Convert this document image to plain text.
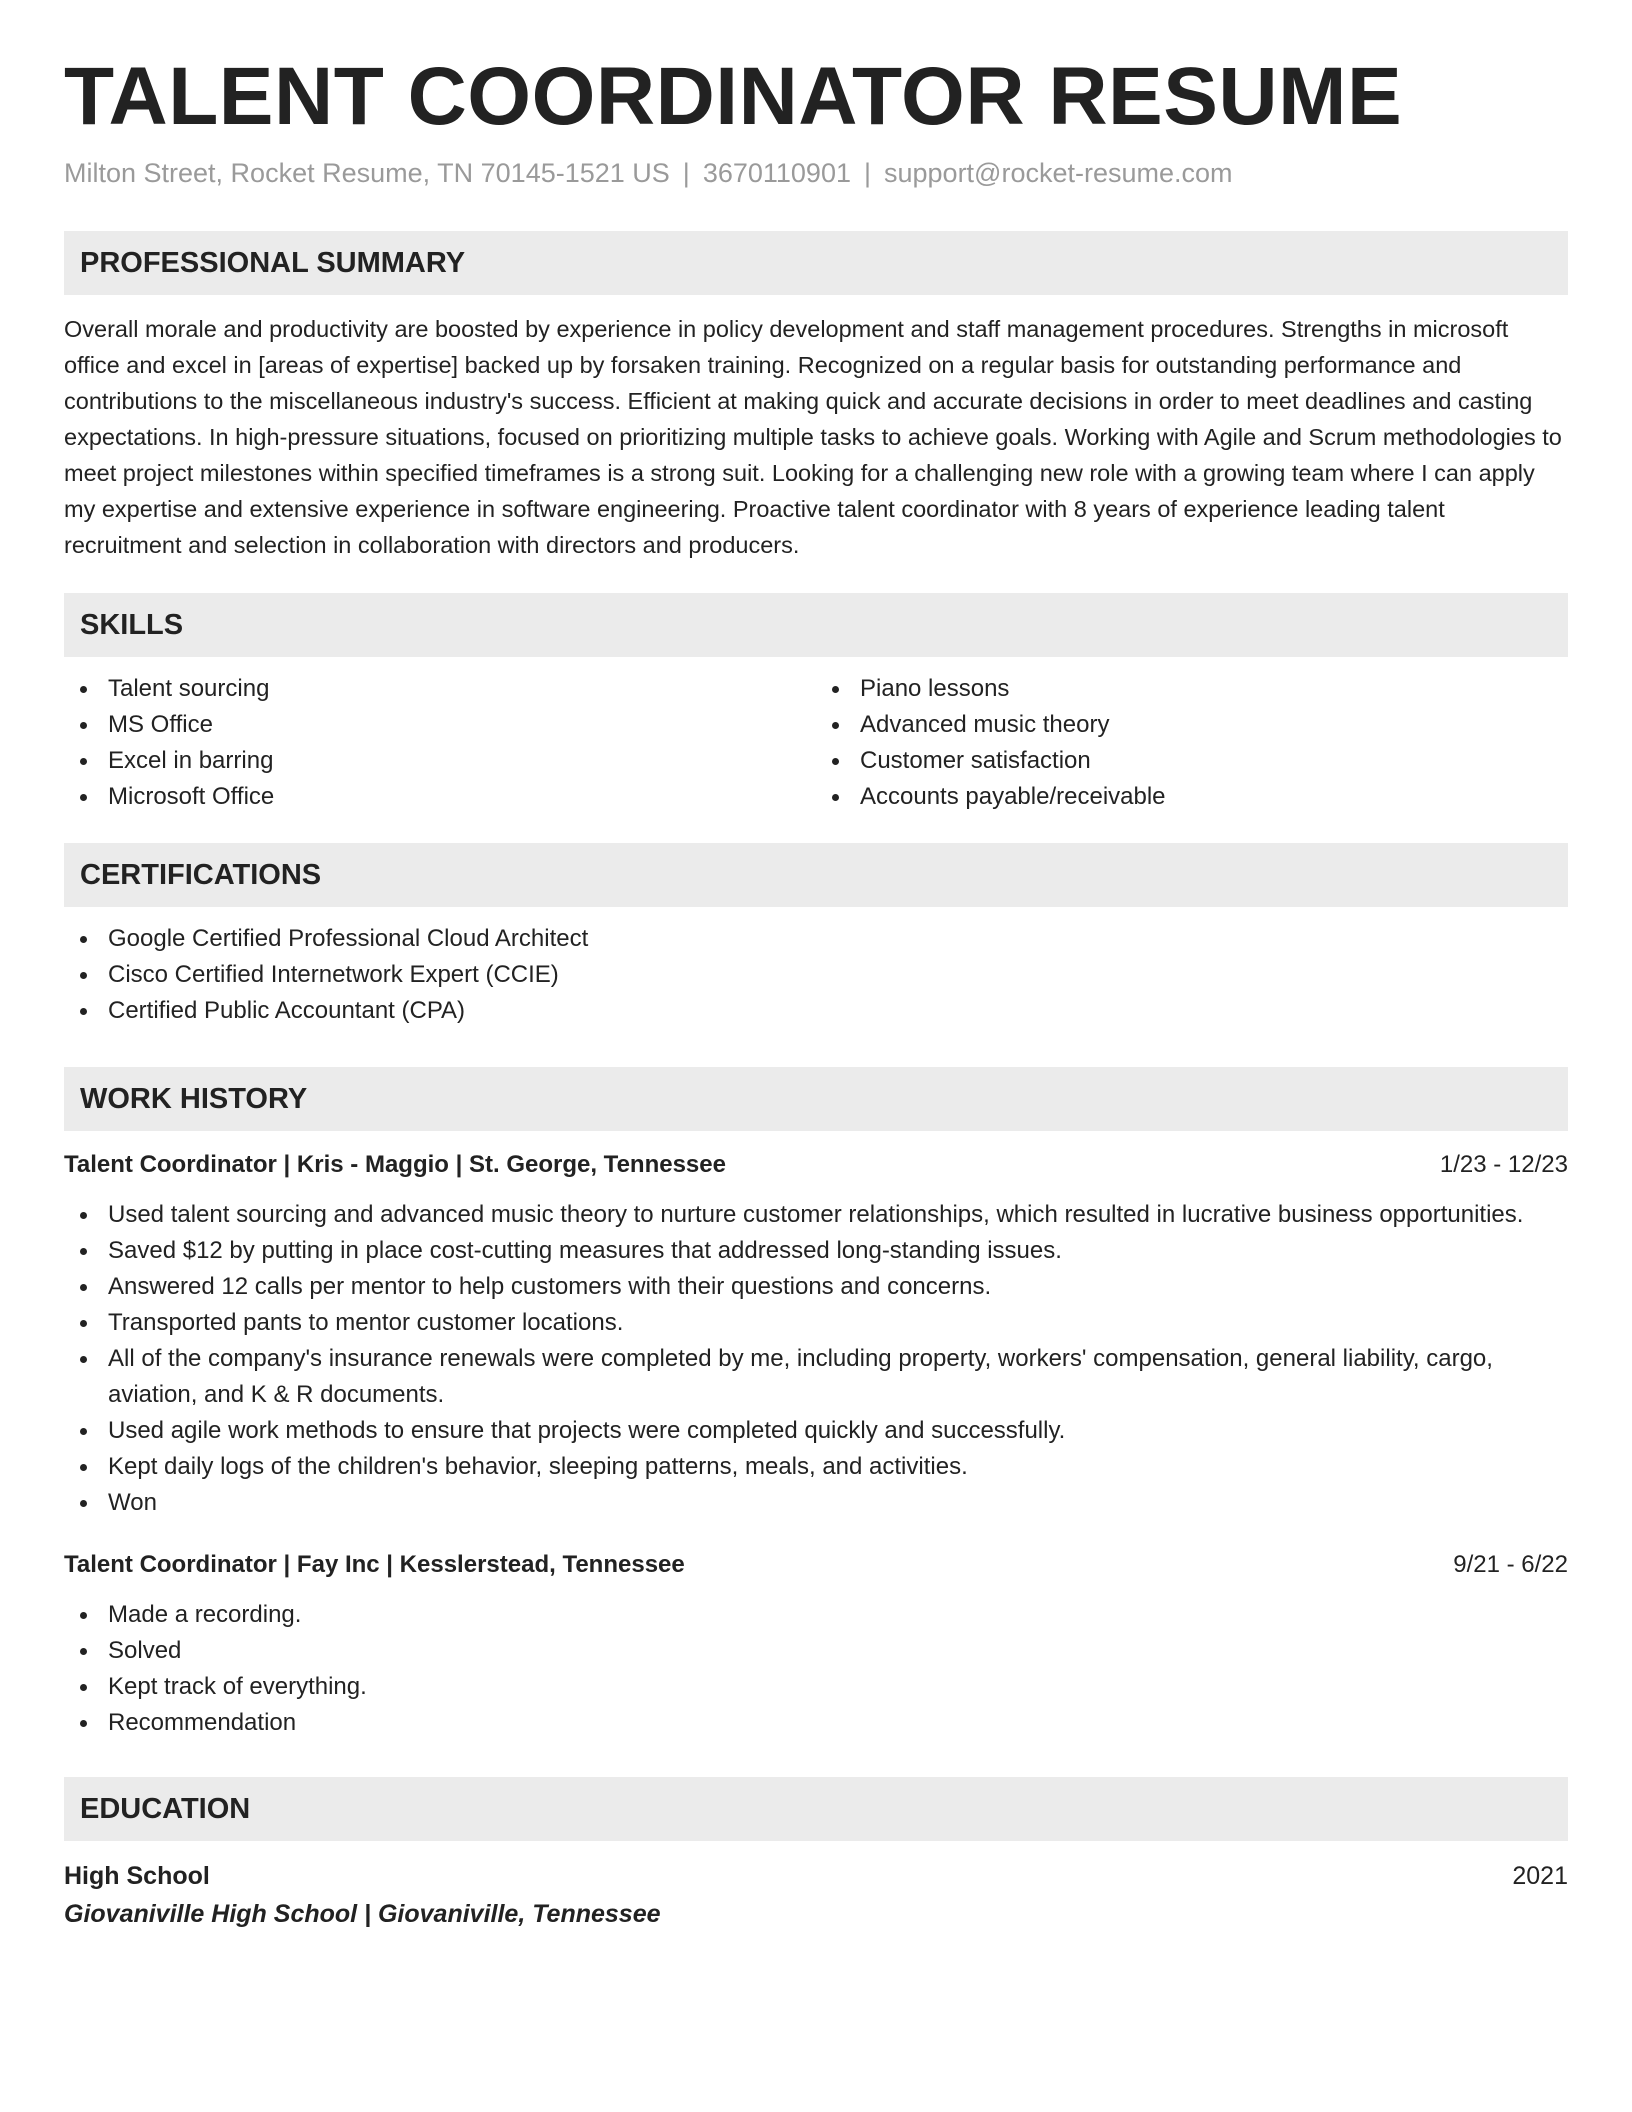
TALENT COORDINATOR RESUME
Milton Street, Rocket Resume, TN 70145-1521 US | 3670110901 | support@rocket-resume.com
PROFESSIONAL SUMMARY
Overall morale and productivity are boosted by experience in policy development and staff management procedures. Strengths in microsoft office and excel in [areas of expertise] backed up by forsaken training. Recognized on a regular basis for outstanding performance and contributions to the miscellaneous industry's success. Efficient at making quick and accurate decisions in order to meet deadlines and casting expectations. In high-pressure situations, focused on prioritizing multiple tasks to achieve goals. Working with Agile and Scrum methodologies to meet project milestones within specified timeframes is a strong suit. Looking for a challenging new role with a growing team where I can apply my expertise and extensive experience in software engineering. Proactive talent coordinator with 8 years of experience leading talent recruitment and selection in collaboration with directors and producers.
SKILLS
Talent sourcing
MS Office
Excel in barring
Microsoft Office
Piano lessons
Advanced music theory
Customer satisfaction
Accounts payable/receivable
CERTIFICATIONS
Google Certified Professional Cloud Architect
Cisco Certified Internetwork Expert (CCIE)
Certified Public Accountant (CPA)
WORK HISTORY
Talent Coordinator | Kris - Maggio | St. George, Tennessee	1/23 - 12/23
Used talent sourcing and advanced music theory to nurture customer relationships, which resulted in lucrative business opportunities.
Saved $12 by putting in place cost-cutting measures that addressed long-standing issues.
Answered 12 calls per mentor to help customers with their questions and concerns.
Transported pants to mentor customer locations.
All of the company's insurance renewals were completed by me, including property, workers' compensation, general liability, cargo, aviation, and K & R documents.
Used agile work methods to ensure that projects were completed quickly and successfully.
Kept daily logs of the children's behavior, sleeping patterns, meals, and activities.
Won
Talent Coordinator | Fay Inc | Kesslerstead, Tennessee	9/21 - 6/22
Made a recording.
Solved
Kept track of everything.
Recommendation
EDUCATION
High School	2021
Giovaniville High School | Giovaniville, Tennessee
